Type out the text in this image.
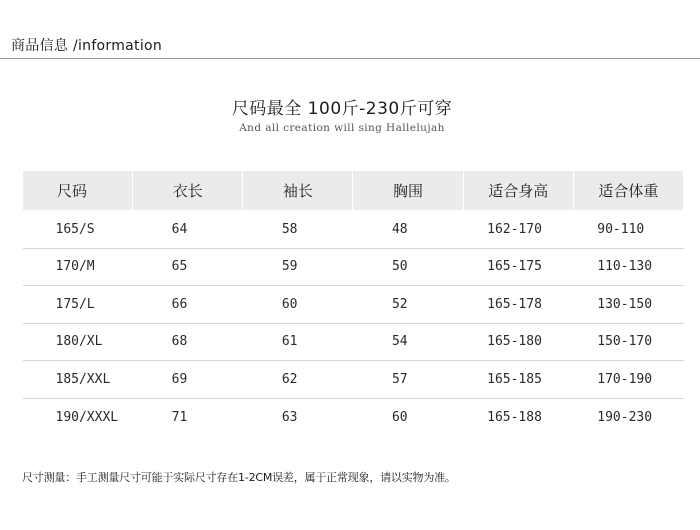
商品信息 /information
尺码最全 100斤-230斤可穿
And all creation will sing Hallelujah
尺码	衣长	袖长	胸围	适合身高	适合体重
165/S	64	58	48	162-170	90-110
170/M	65	59	50	165-175	110-130
175/L	66	60	52	165-178	130-150
180/XL	68	61	54	165-180	150-170
185/XXL	69	62	57	165-185	170-190
190/XXXL	71	63	60	165-188	190-230
尺寸测量：手工测量尺寸可能于实际尺寸存在1-2CM误差，属于正常现象，请以实物为准。
